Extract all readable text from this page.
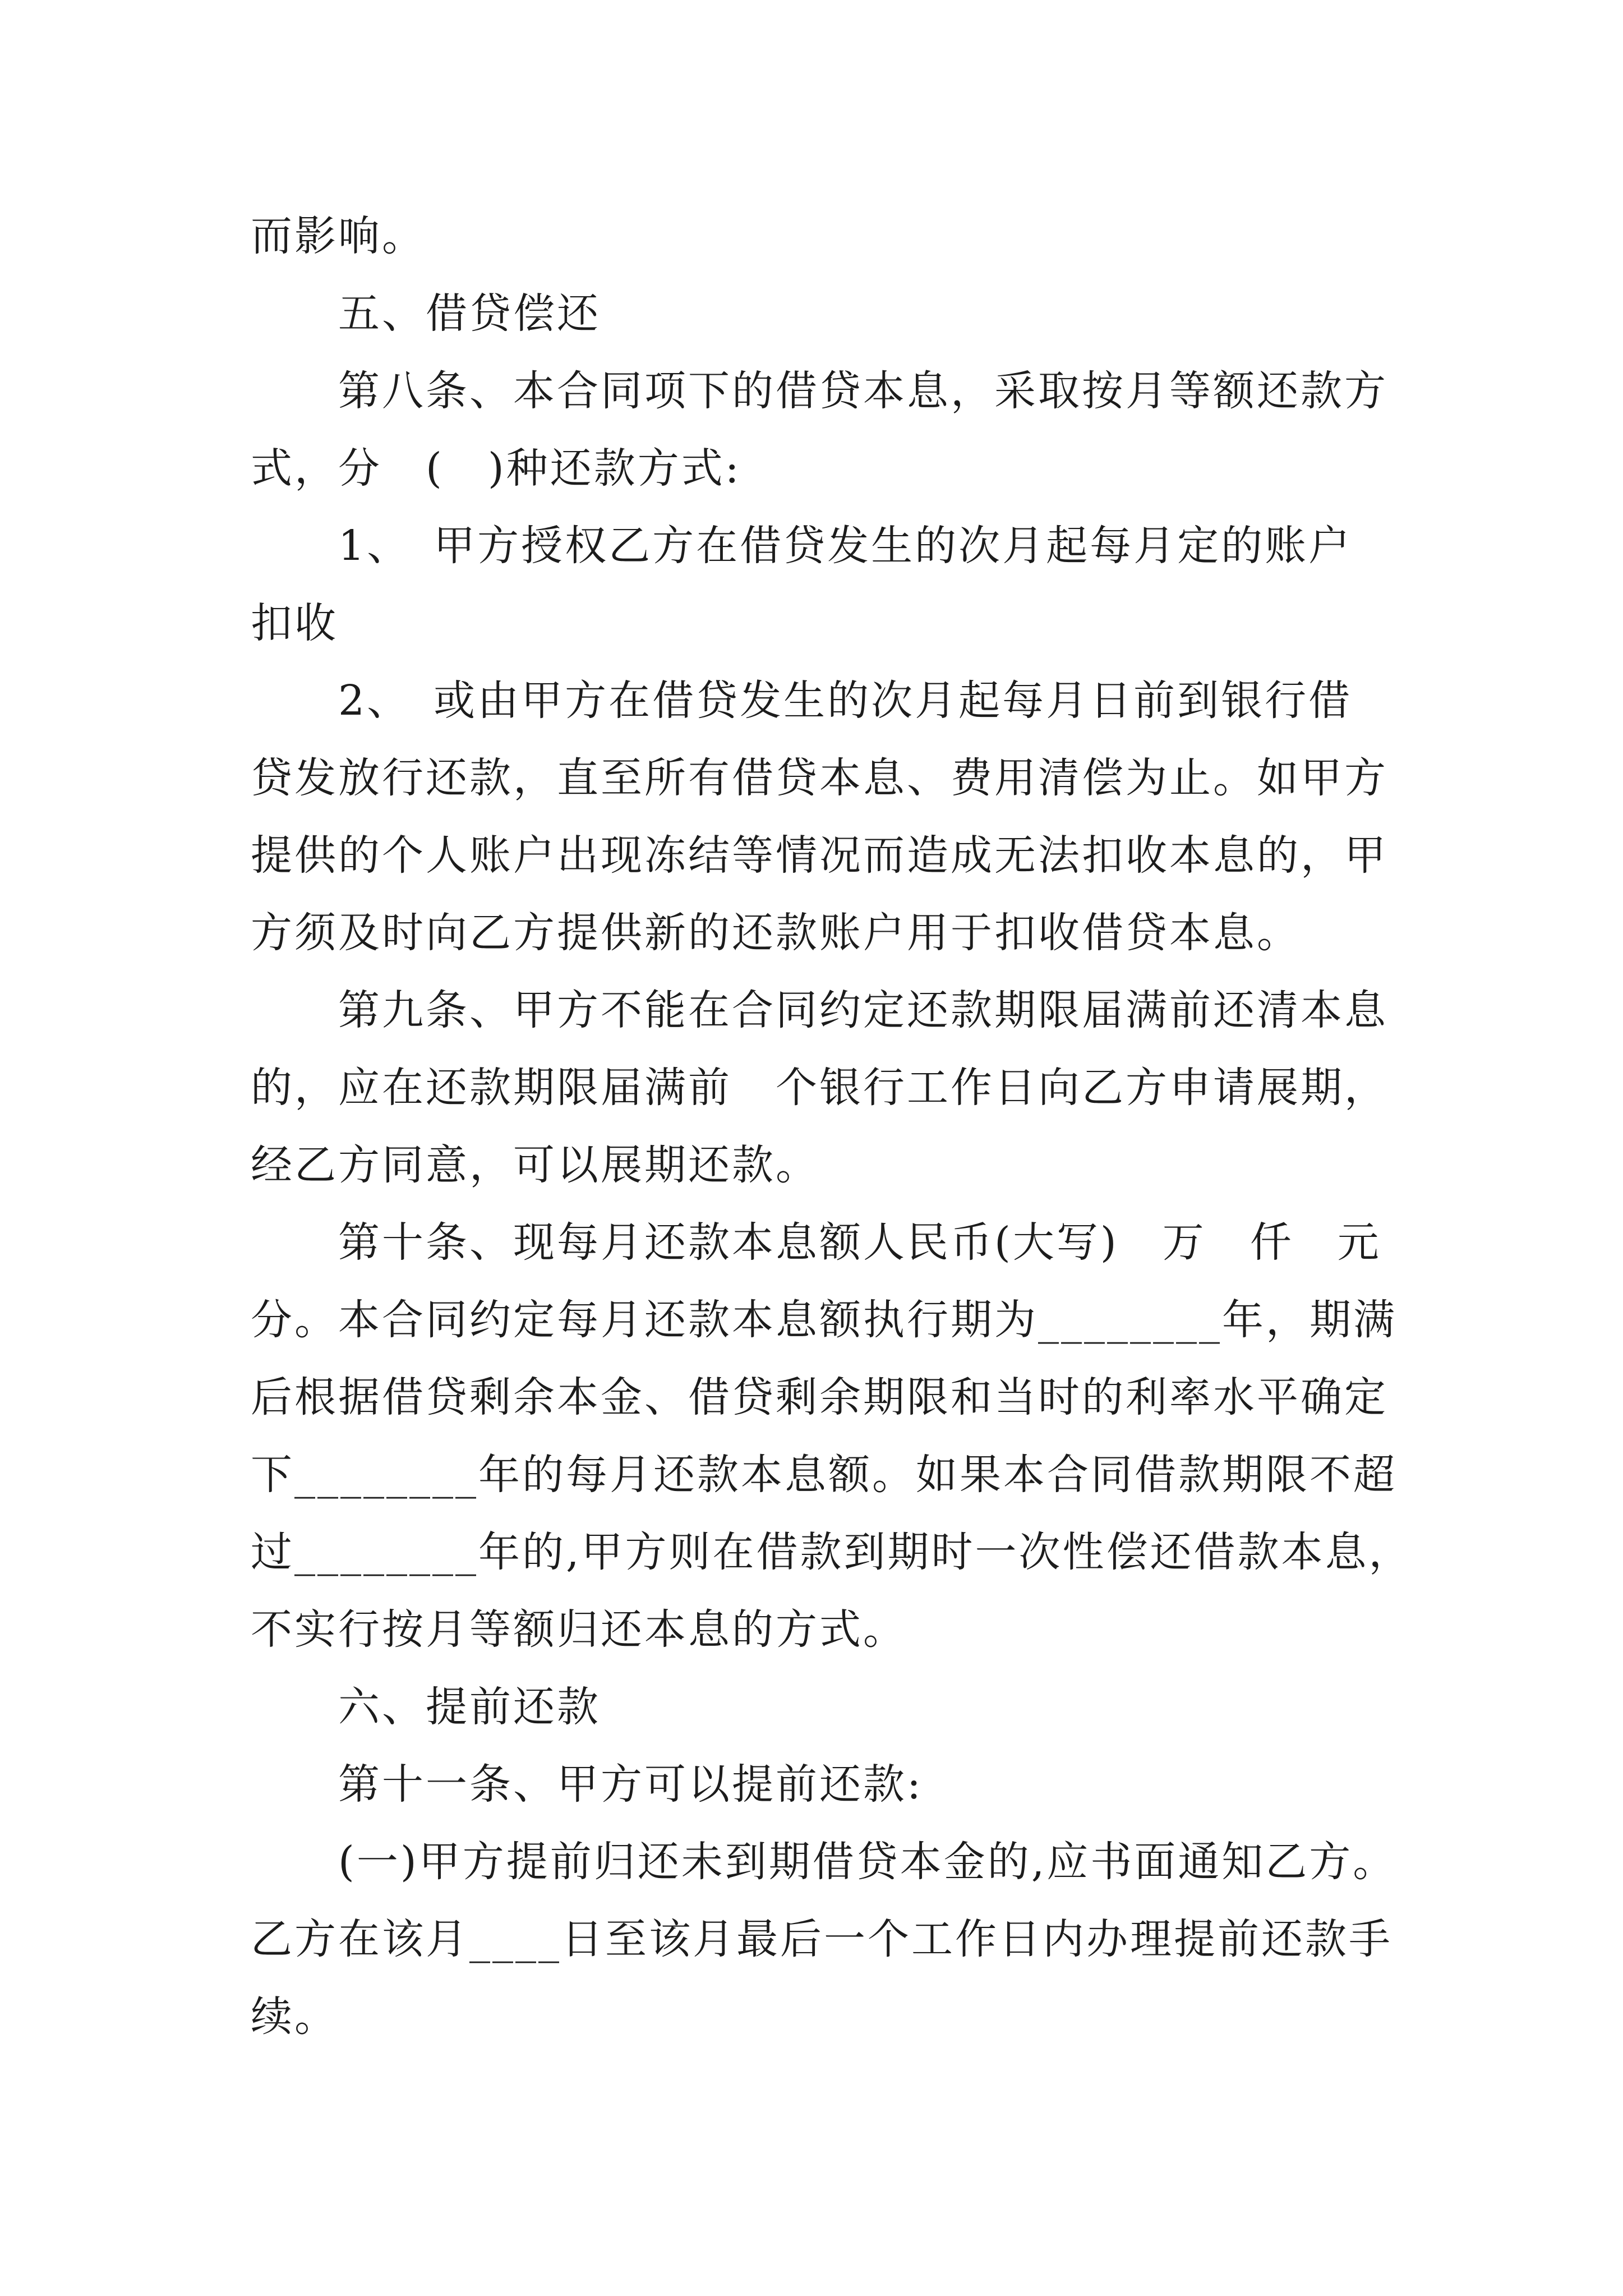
而影响。
五、借贷偿还
第八条、本合同项下的借贷本息，采取按月等额还款方
式，分　(　)种还款方式:
1、　甲方授权乙方在借贷发生的次月起每月定的账户
扣收
2、　或由甲方在借贷发生的次月起每月日前到银行借
贷发放行还款，直至所有借贷本息、费用清偿为止。如甲方
提供的个人账户出现冻结等情况而造成无法扣收本息的，甲
方须及时向乙方提供新的还款账户用于扣收借贷本息。
第九条、甲方不能在合同约定还款期限届满前还清本息
的，应在还款期限届满前　个银行工作日向乙方申请展期，
经乙方同意，可以展期还款。
第十条、现每月还款本息额人民币(大写)　万　仟　元
分。本合同约定每月还款本息额执行期为________年，期满
后根据借贷剩余本金、借贷剩余期限和当时的利率水平确定
下________年的每月还款本息额。如果本合同借款期限不超
过________年的,甲方则在借款到期时一次性偿还借款本息，
不实行按月等额归还本息的方式。
六、提前还款
第十一条、甲方可以提前还款:
(一)甲方提前归还未到期借贷本金的,应书面通知乙方。
乙方在该月____日至该月最后一个工作日内办理提前还款手
续。
